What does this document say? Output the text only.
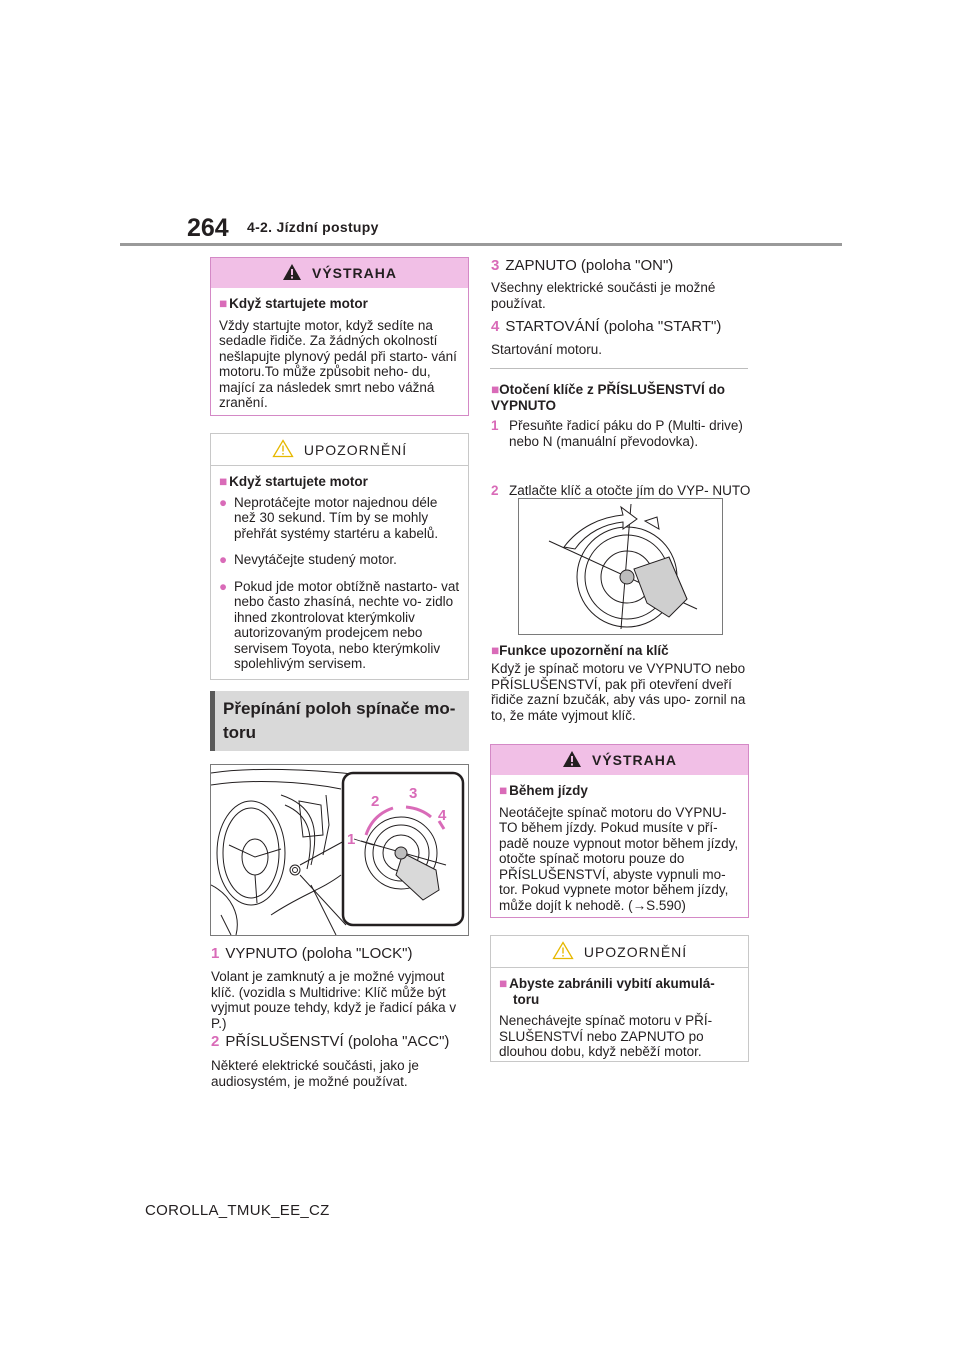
264 4-2. Jízdní postupy
VÝSTRAHA
■ Když startujete motor
Vždy startujte motor, když sedíte na sedadle řidiče. Za žádných okolností nešlapujte plynový pedál při starto- vání motoru.To může způsobit neho- du, mající za následek smrt nebo vážná zranění.
UPOZORNĚNÍ
■ Když startujete motor
● Neprotáčejte motor najednou déle než 30 sekund. Tím by se mohly přehřát systémy startéru a kabelů.
● Nevytáčejte studený motor.
● Pokud jde motor obtížně nastarto- vat nebo často zhasíná, nechte vo- zidlo ihned zkontrolovat kterýmkoliv autorizovaným prodejcem nebo servisem Toyota, nebo kterýmkoliv spolehlivým servisem.
Přepínání poloh spínače mo- toru
1
2 3
4
1 VYPNUTO (poloha "LOCK")
Volant je zamknutý a je možné vyjmout klíč. (vozidla s Multidrive: Klíč může být vyjmut pouze tehdy, když je řadicí páka v P.)
2 PŘÍSLUŠENSTVÍ (poloha "ACC")
Některé elektrické součásti, jako je audiosystém, je možné používat.
3 ZAPNUTO (poloha "ON")
Všechny elektrické součásti je možné používat.
4 STARTOVÁNÍ (poloha "START")
Startování motoru.
■Otočení klíče z PŘÍSLUŠENSTVÍ do VYPNUTO
1 Přesuňte řadicí páku do P (Multi- drive) nebo N (manuální převodovka).
2 Zatlačte klíč a otočte jím do VYP- NUTO
■Funkce upozornění na klíč
Když je spínač motoru ve VYPNUTO nebo PŘÍSLUŠENSTVÍ, pak při otevření dveří řidiče zazní bzučák, aby vás upo- zornil na to, že máte vyjmout klíč.
VÝSTRAHA
■ Během jízdy
Neotáčejte spínač motoru do VYPNU- TO během jízdy. Pokud musíte v pří- padě nouze vypnout motor během jízdy, otočte spínač motoru pouze do PŘÍSLUŠENSTVÍ, abyste vypnuli mo- tor. Pokud vypnete motor během jízdy, může dojít k nehodě. (→S.590)
UPOZORNĚNÍ
■ Abyste zabránili vybití akumulá- toru
Nenechávejte spínač motoru v PŘÍ- SLUŠENSTVÍ nebo ZAPNUTO po dlouhou dobu, když neběží motor.
COROLLA_TMUK_EE_CZ
